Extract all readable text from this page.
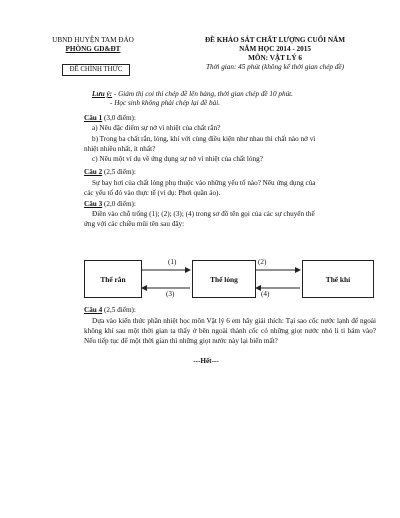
UBND HUYỆN TAM ĐẢO
PHÒNG GD&ĐT
ĐỀ CHÍNH THỨC
ĐỀ KHẢO SÁT CHẤT LƯỢNG CUỐI NĂM
NĂM HỌC 2014 - 2015
MÔN: VẬT LÝ 6
Thời gian: 45 phút (không kể thời gian chép đề)
Lưu ý: - Giám thị coi thi chép đề lên bảng, thời gian chép đề 10 phút.
- Học sinh không phải chép lại đề bài.
Câu 1 (3,0 điểm):
a) Nêu đặc điểm sự nở vì nhiệt của chất rắn?
b) Trong ba chất rắn, lỏng, khí với cùng điều kiện như nhau thì chất nào nở vì
nhiệt nhiều nhất, ít nhất?
c) Nêu một ví dụ về ứng dụng sự nở vì nhiệt của chất lỏng?
Câu 2 (2,5 điểm):
Sự bay hơi của chất lỏng phụ thuộc vào những yếu tố nào? Nêu ứng dụng của
các yếu tố đó vào thực tế (ví dụ: Phơi quần áo).
Câu 3 (2,0 điểm):
Điền vào chỗ trống (1); (2); (3); (4) trong sơ đồ tên gọi của các sự chuyển thể
ứng với các chiều mũi tên sau đây:
Thể rắn	Thể lỏng	Thể khí
(1)	(2)
(3)	(4)
Câu 4 (2,5 điểm):
Dựa vào kiến thức phần nhiệt học môn Vật lý 6 em hãy giải thích: Tại sao cốc nước lạnh để ngoài không khí sau một thời gian ta thấy ở bên ngoài thành cốc có những giọt nước nhỏ li ti bám vào? Nếu tiếp tục để một thời gian thì những giọt nước này lại biến mất?
---Hết---
